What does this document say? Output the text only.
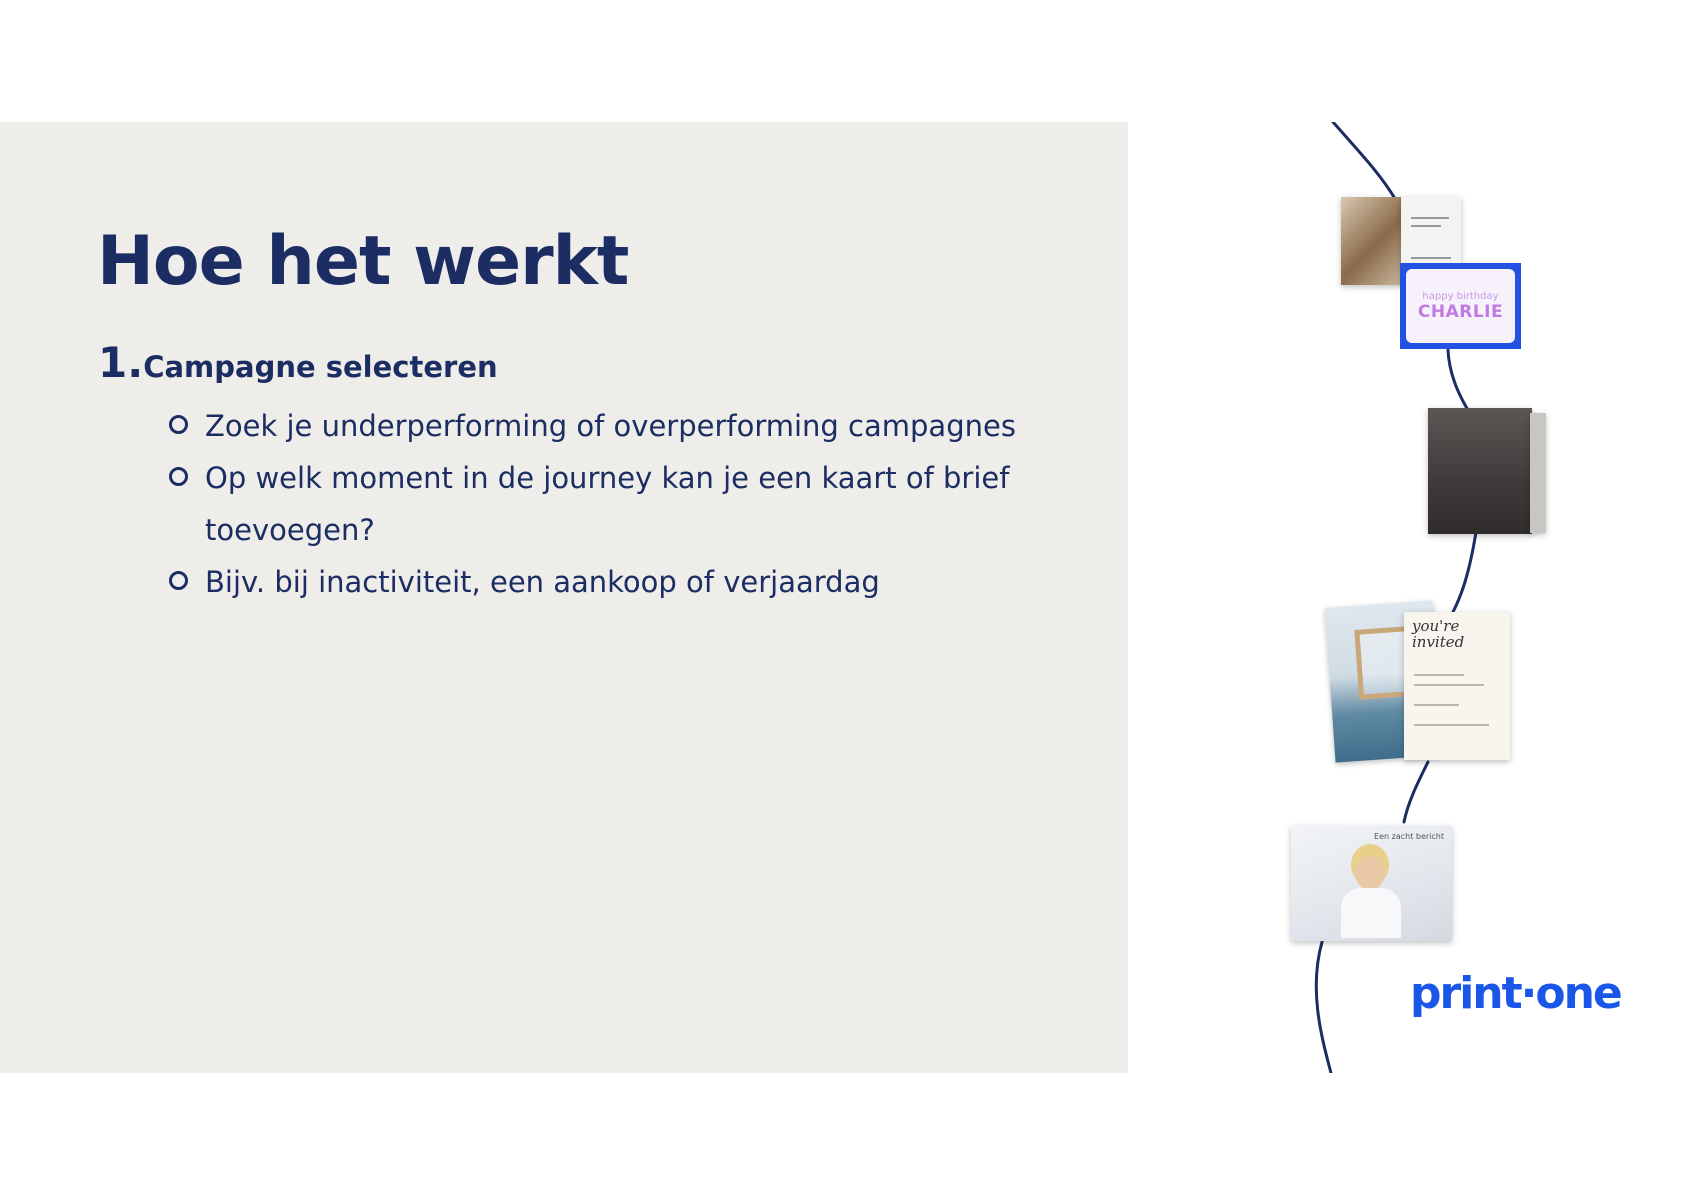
Hoe het werkt
1.Campagne selecteren
Zoek je underperforming of overperforming campagnes
Op welk moment in de journey kan je een kaart of brief toevoegen?
Bijv. bij inactiviteit, een aankoop of verjaardag
happy birthday
CHARLIE
you're invited
Een zacht bericht
print·one
